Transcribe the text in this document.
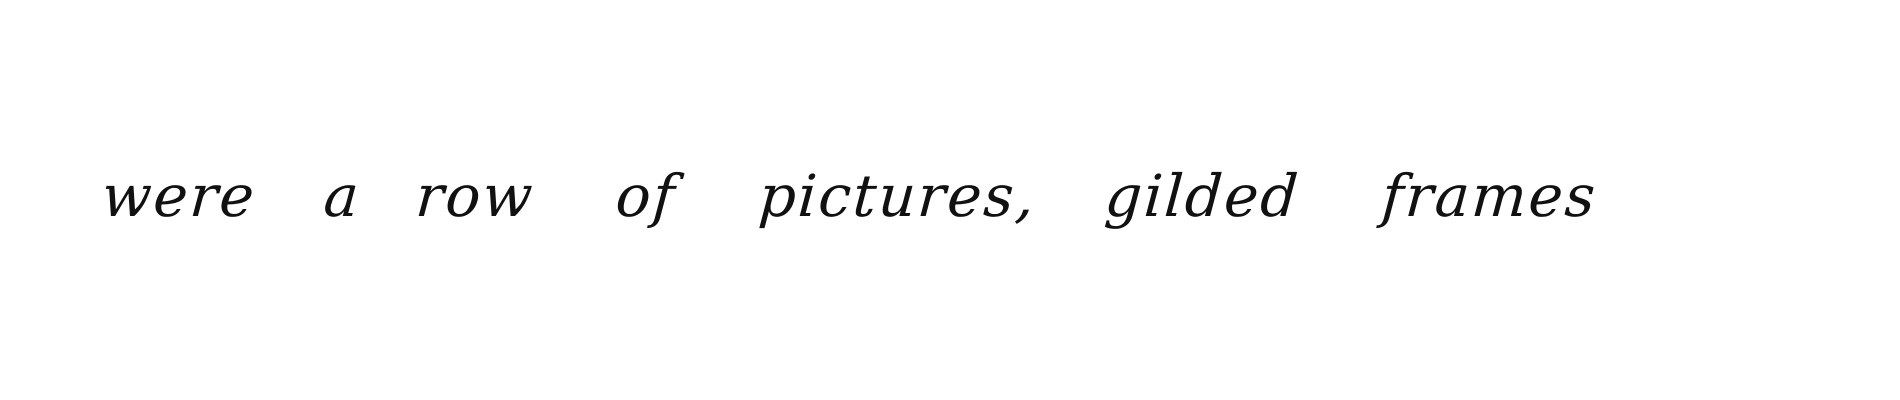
were a row of pictures, gilded frames
